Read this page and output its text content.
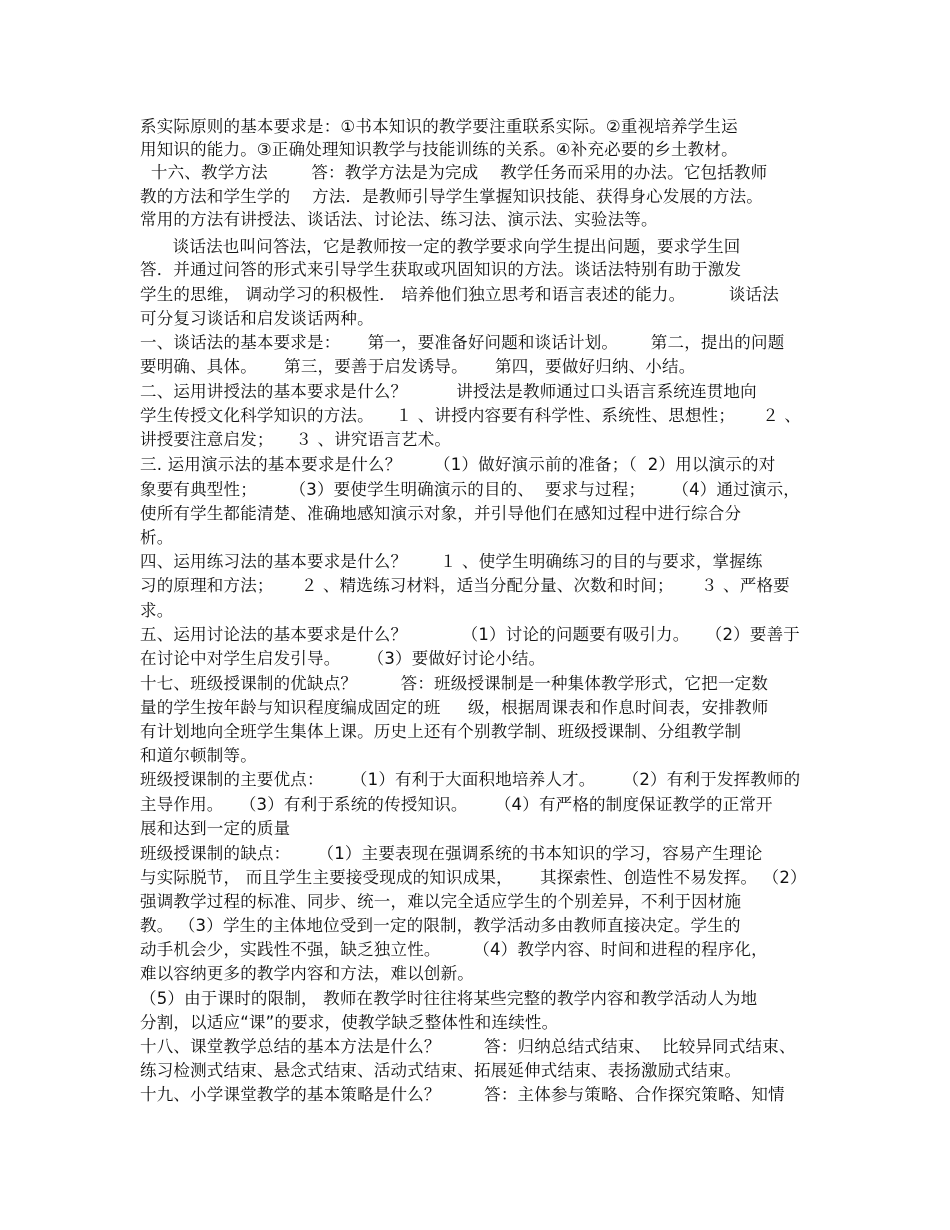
系实际原则的基本要求是：①书本知识的教学要注重联系实际。②重视培养学生运

用知识的能力。③正确处理知识教学与技能训练的关系。④补充必要的乡土教材。

十六、教学方法        答：教学方法是为完成    教学任务而采用的办法。它包括教师

教的方法和学生学的    方法．是教师引导学生掌握知识技能、获得身心发展的方法。

常用的方法有讲授法、谈话法、讨论法、练习法、演示法、实验法等。

谈话法也叫问答法，它是教师按一定的教学要求向学生提出问题，要求学生回

答．并通过问答的形式来引导学生获取或巩固知识的方法。谈话法特别有助于激发

学生的思维， 调动学习的积极性． 培养他们独立思考和语言表述的能力。        谈话法

可分复习谈话和启发谈话两种。

一、谈话法的基本要求是：     第一，要准备好问题和谈话计划。      第二，提出的问题

要明确、具体。     第三，要善于启发诱导。     第四，要做好归纳、小结。

二、运用讲授法的基本要求是什么？         讲授法是教师通过口头语言系统连贯地向

学生传授文化科学知识的方法。    １ 、讲授内容要有科学性、系统性、思想性；     ２ 、

讲授要注意启发；    ３ 、讲究语言艺术。

三. 运用演示法的基本要求是什么？      （1）做好演示前的准备；（  2）用以演示的对

象要有典型性；      （3）要使学生明确演示的目的、  要求与过程；     （4）通过演示，

使所有学生都能清楚、准确地感知演示对象，并引导他们在感知过程中进行综合分

析。

四、运用练习法的基本要求是什么？      １ 、使学生明确练习的目的与要求，掌握练

习的原理和方法；     ２ 、精选练习材料，适当分配分量、次数和时间；     ３ 、严格要

求。

五、运用讨论法的基本要求是什么？          （1）讨论的问题要有吸引力。   （2）要善于

在讨论中对学生启发引导。     （3）要做好讨论小结。

十七、班级授课制的优缺点？        答：班级授课制是一种集体教学形式，它把一定数

量的学生按年龄与知识程度编成固定的班     级，根据周课表和作息时间表，安排教师

有计划地向全班学生集体上课。历史上还有个别教学制、班级授课制、分组教学制

和道尔顿制等。

班级授课制的主要优点：     （1）有利于大面积地培养人才。     （2）有利于发挥教师的

主导作用。   （3）有利于系统的传授知识。     （4）有严格的制度保证教学的正常开

展和达到一定的质量

班级授课制的缺点：     （1）主要表现在强调系统的书本知识的学习，容易产生理论

与实际脱节， 而且学生主要接受现成的知识成果，     其探索性、创造性不易发挥。 （2）

强调教学过程的标准、同步、统一，难以完全适应学生的个别差异，不利于因材施

教。 （3）学生的主体地位受到一定的限制，教学活动多由教师直接决定。学生的

动手机会少，实践性不强，缺乏独立性。      （4）教学内容、时间和进程的程序化，

难以容纳更多的教学内容和方法，难以创新。

（5）由于课时的限制， 教师在教学时往往将某些完整的教学内容和教学活动人为地

分割，以适应“课”的要求，使教学缺乏整体性和连续性。

十八、课堂教学总结的基本方法是什么？        答：归纳总结式结束、  比较异同式结束、

练习检测式结束、悬念式结束、活动式结束、拓展延伸式结束、表扬激励式结束。

十九、小学课堂教学的基本策略是什么？        答：主体参与策略、合作探究策略、知情
